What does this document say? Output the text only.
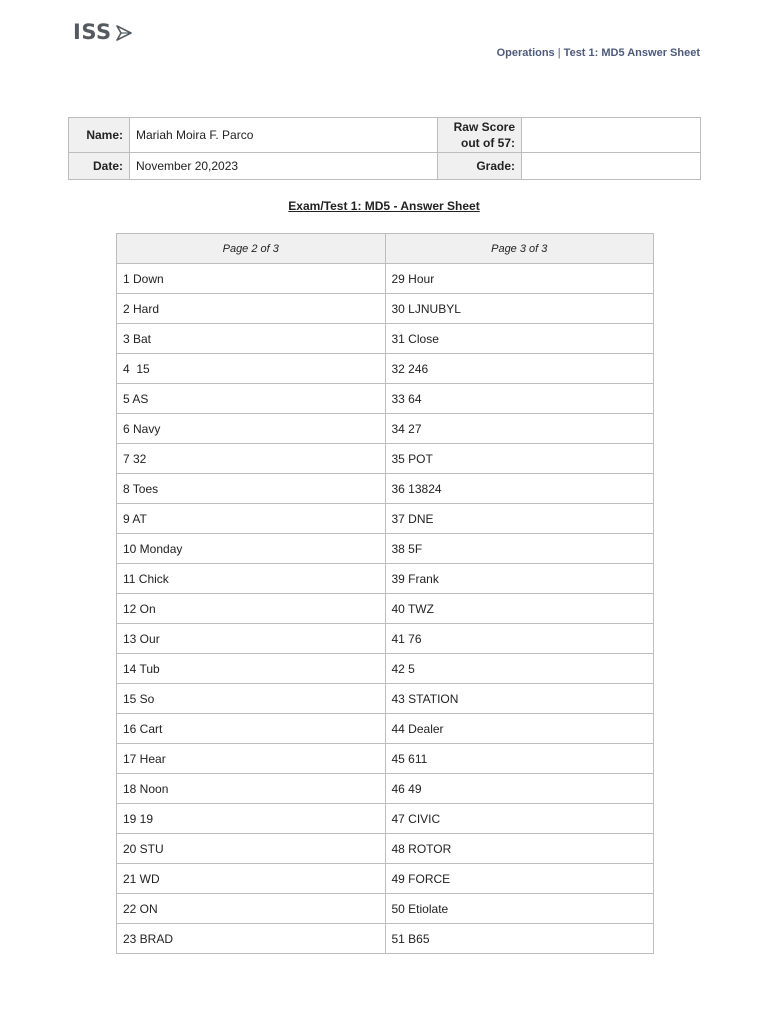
ISS
Operations | Test 1: MD5 Answer Sheet
Name:	Mariah Moira F. Parco	Raw Score
out of 57:	
Date:	November 20,2023	Grade:	
Exam/Test 1: MD5 - Answer Sheet
Page 2 of 3	Page 3 of 3
1 Down	29 Hour
2 Hard	30 LJNUBYL
3 Bat	31 Close
4  15	32 246
5 AS	33 64
6 Navy	34 27
7 32	35 POT
8 Toes	36 13824
9 AT	37 DNE
10 Monday	38 5F
11 Chick	39 Frank
12 On	40 TWZ
13 Our	41 76
14 Tub	42 5
15 So	43 STATION
16 Cart	44 Dealer
17 Hear	45 611
18 Noon	46 49
19 19	47 CIVIC
20 STU	48 ROTOR
21 WD	49 FORCE
22 ON	50 Etiolate
23 BRAD	51 B65
